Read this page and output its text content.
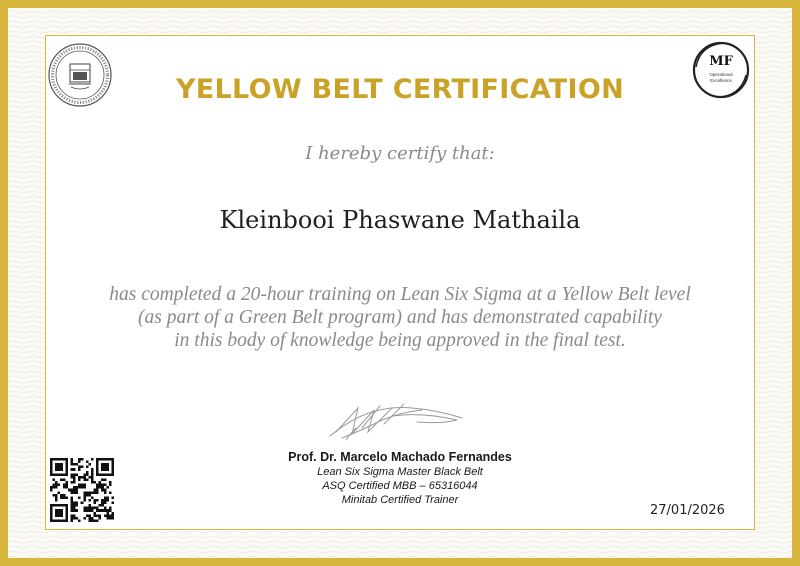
MF
Operational
Excellence
YELLOW BELT CERTIFICATION
I hereby certify that:
Kleinbooi Phaswane Mathaila
has completed a 20-hour training on Lean Six Sigma at a Yellow Belt level
(as part of a Green Belt program) and has demonstrated capability
in this body of knowledge being approved in the final test.
Prof. Dr. Marcelo Machado Fernandes
Lean Six Sigma Master Black Belt
ASQ Certified MBB – 65316044
Minitab Certified Trainer
27/01/2026
